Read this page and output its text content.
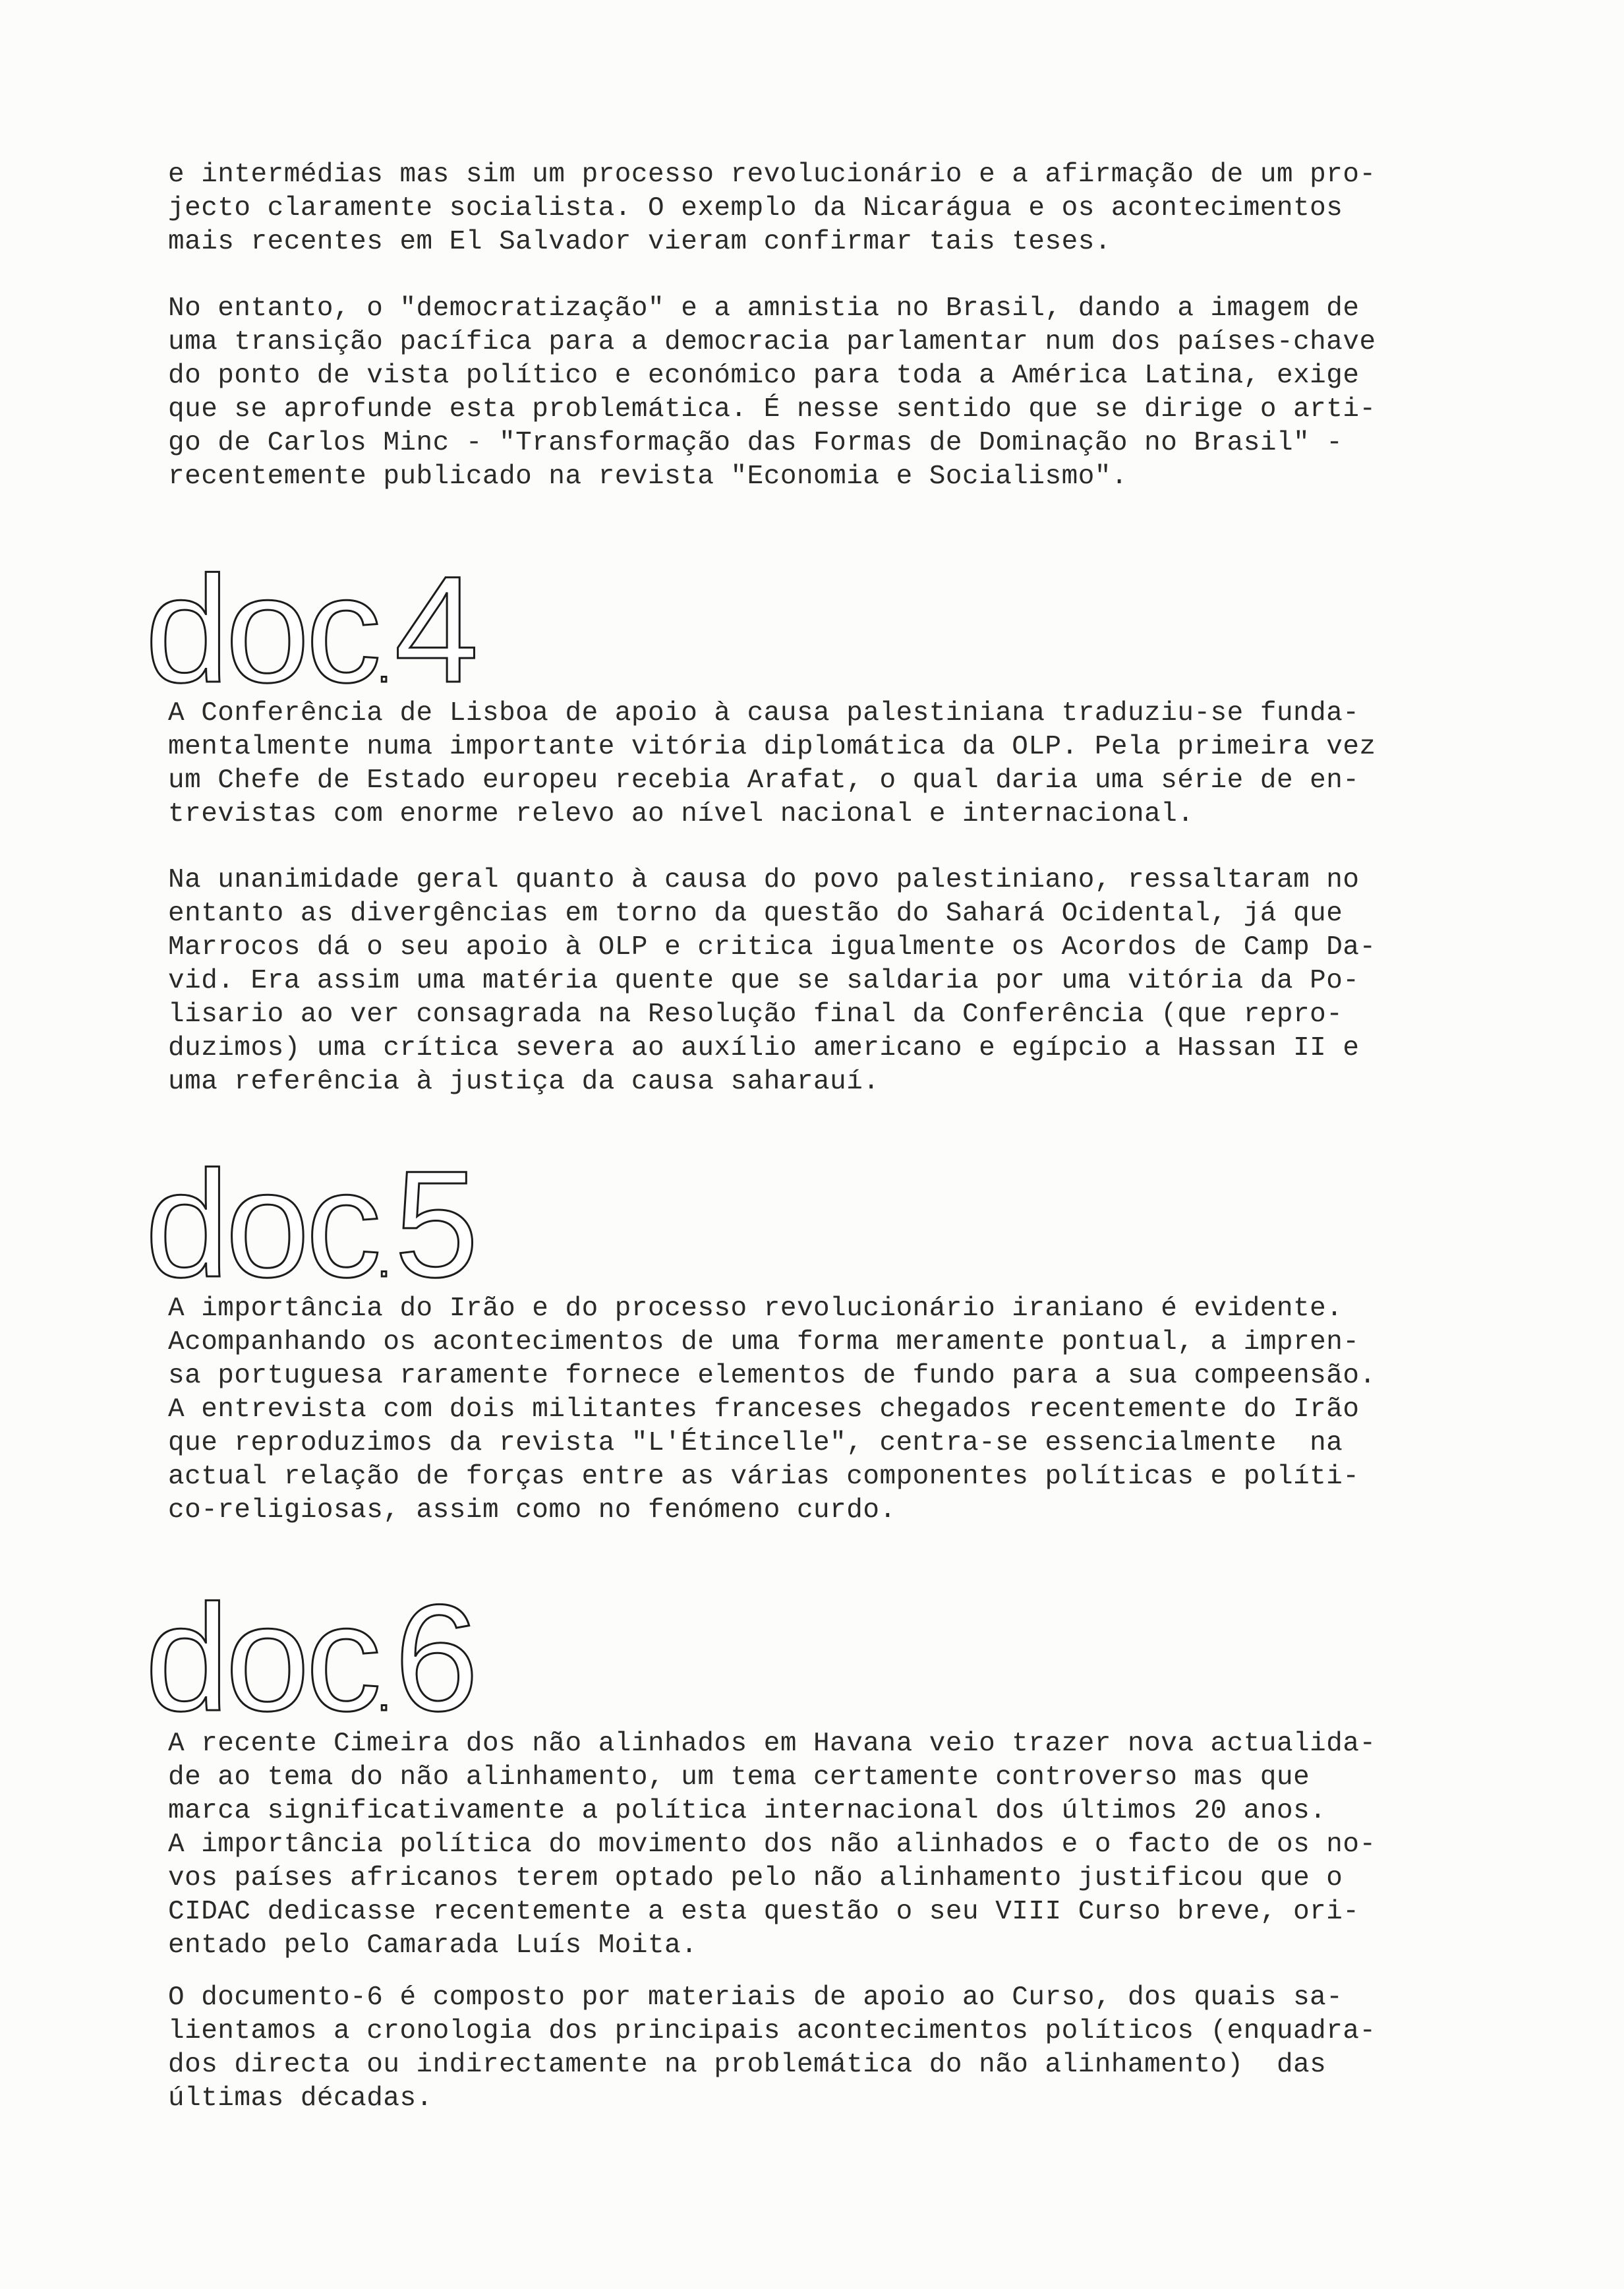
e intermédias mas sim um processo revolucionário e a afirmação de um pro-
jecto claramente socialista. O exemplo da Nicarágua e os acontecimentos
mais recentes em El Salvador vieram confirmar tais teses.
No entanto, o "democratização" e a amnistia no Brasil, dando a imagem de
uma transição pacífica para a democracia parlamentar num dos países-chave
do ponto de vista político e económico para toda a América Latina, exige
que se aprofunde esta problemática. É nesse sentido que se dirige o arti-
go de Carlos Minc - "Transformação das Formas de Dominação no Brasil" -
recentemente publicado na revista "Economia e Socialismo".
doc.4
A Conferência de Lisboa de apoio à causa palestiniana traduziu-se funda-
mentalmente numa importante vitória diplomática da OLP. Pela primeira vez
um Chefe de Estado europeu recebia Arafat, o qual daria uma série de en-
trevistas com enorme relevo ao nível nacional e internacional.
Na unanimidade geral quanto à causa do povo palestiniano, ressaltaram no
entanto as divergências em torno da questão do Sahará Ocidental, já que
Marrocos dá o seu apoio à OLP e critica igualmente os Acordos de Camp Da-
vid. Era assim uma matéria quente que se saldaria por uma vitória da Po-
lisario ao ver consagrada na Resolução final da Conferência (que repro-
duzimos) uma crítica severa ao auxílio americano e egípcio a Hassan II e
uma referência à justiça da causa saharauí.
doc.5
A importância do Irão e do processo revolucionário iraniano é evidente.
Acompanhando os acontecimentos de uma forma meramente pontual, a impren-
sa portuguesa raramente fornece elementos de fundo para a sua compeensão.
A entrevista com dois militantes franceses chegados recentemente do Irão
que reproduzimos da revista "L'Étincelle", centra-se essencialmente  na
actual relação de forças entre as várias componentes políticas e políti-
co-religiosas, assim como no fenómeno curdo.
doc.6
A recente Cimeira dos não alinhados em Havana veio trazer nova actualida-
de ao tema do não alinhamento, um tema certamente controverso mas que
marca significativamente a política internacional dos últimos 20 anos.
A importância política do movimento dos não alinhados e o facto de os no-
vos países africanos terem optado pelo não alinhamento justificou que o
CIDAC dedicasse recentemente a esta questão o seu VIII Curso breve, ori-
entado pelo Camarada Luís Moita.
O documento-6 é composto por materiais de apoio ao Curso, dos quais sa-
lientamos a cronologia dos principais acontecimentos políticos (enquadra-
dos directa ou indirectamente na problemática do não alinhamento)  das
últimas décadas.
